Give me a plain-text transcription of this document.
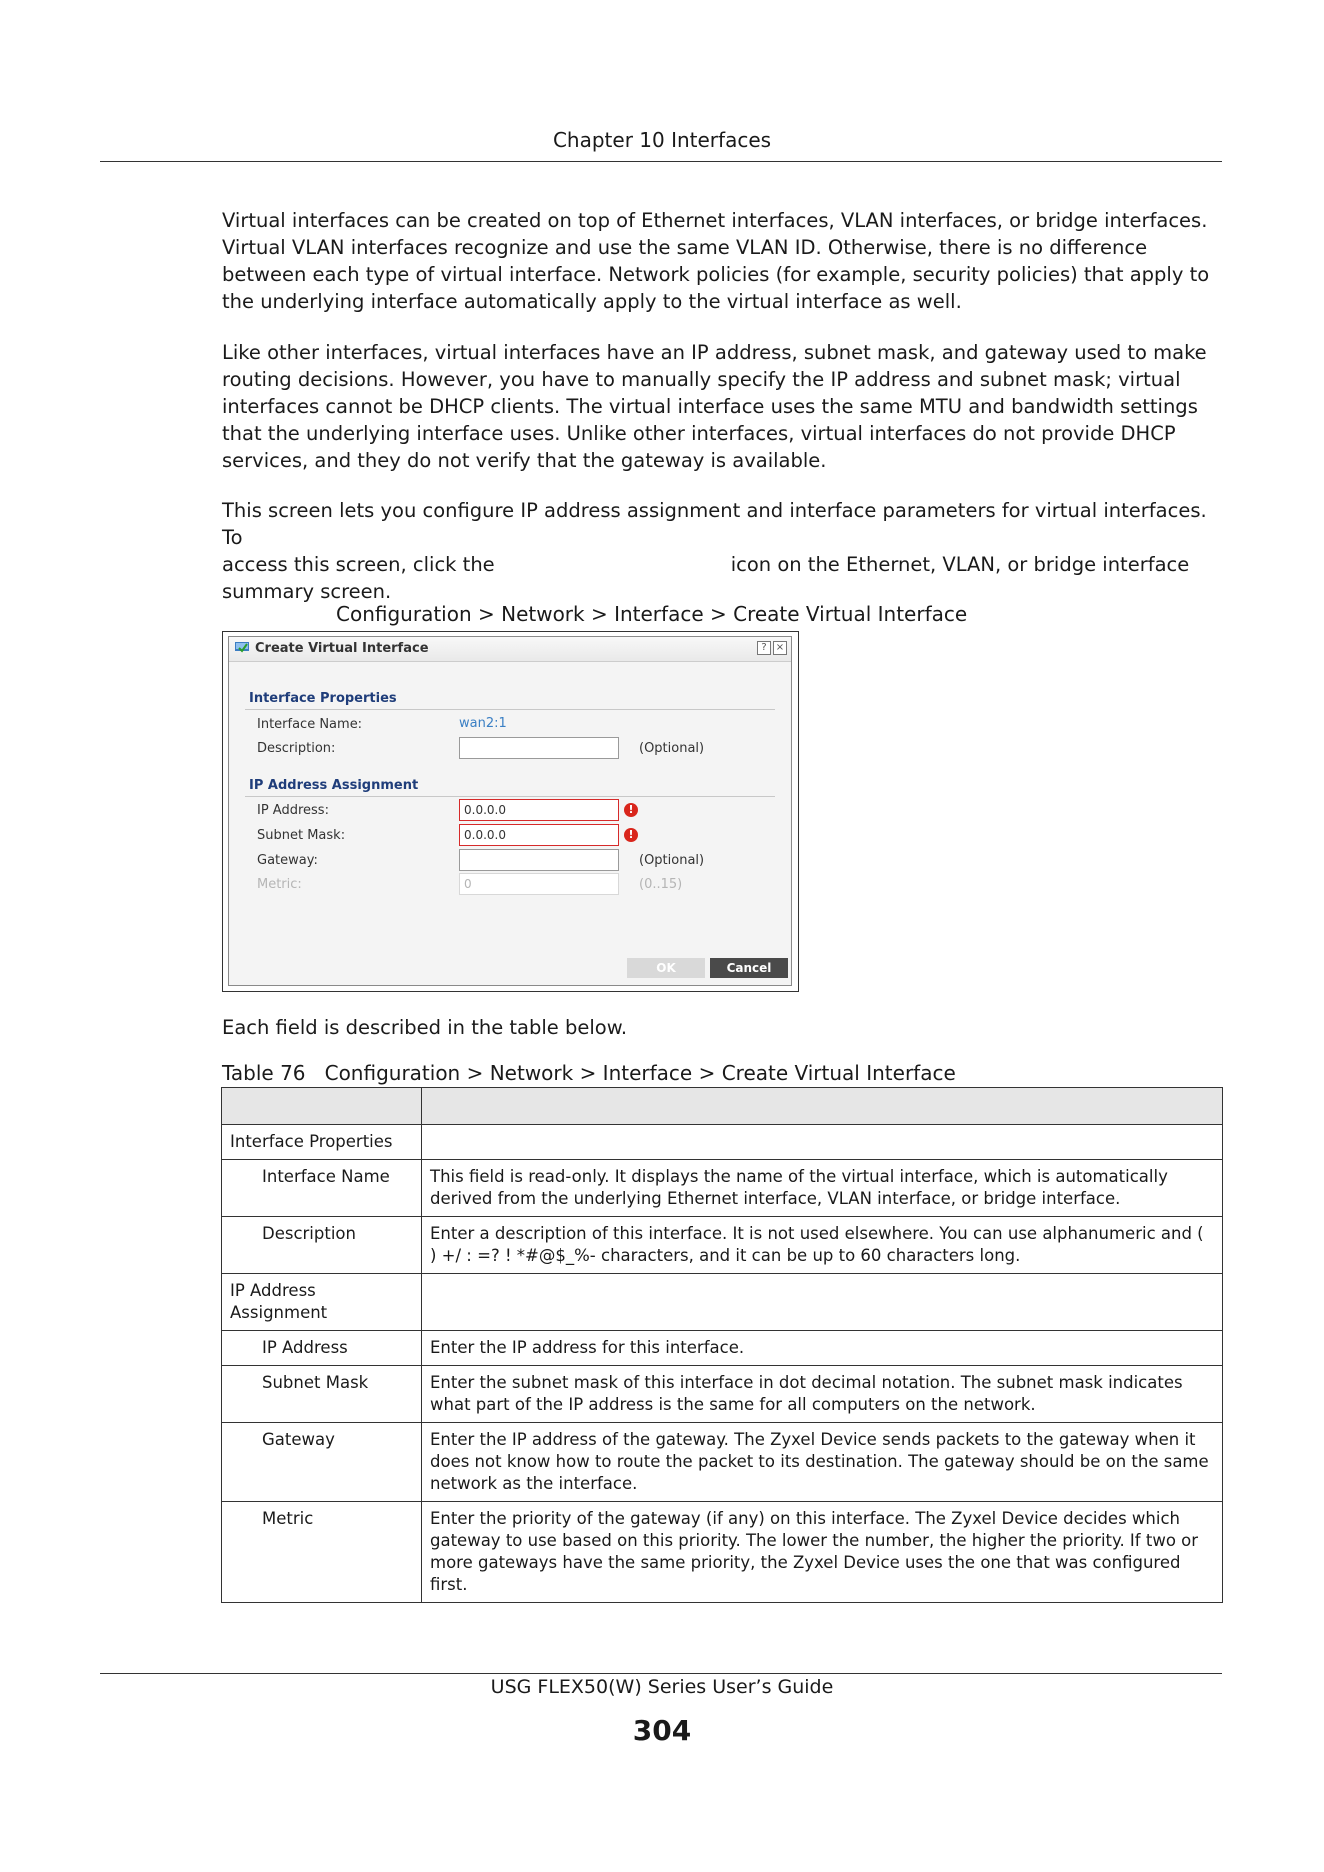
Chapter 10 Interfaces

Virtual interfaces can be created on top of Ethernet interfaces, VLAN interfaces, or bridge interfaces. Virtual VLAN interfaces recognize and use the same VLAN ID. Otherwise, there is no difference between each type of virtual interface. Network policies (for example, security policies) that apply to the underlying interface automatically apply to the virtual interface as well.

Like other interfaces, virtual interfaces have an IP address, subnet mask, and gateway used to make routing decisions. However, you have to manually specify the IP address and subnet mask; virtual interfaces cannot be DHCP clients. The virtual interface uses the same MTU and bandwidth settings that the underlying interface uses. Unlike other interfaces, virtual interfaces do not provide DHCP services, and they do not verify that the gateway is available.

This screen lets you configure IP address assignment and interface parameters for virtual interfaces. To

access this screen, click the	icon on the Ethernet, VLAN, or bridge interface

summary screen.

Configuration > Network > Interface > Create Virtual Interface
Create Virtual Interface	? ×
Interface Properties
Interface Name:	wan2:1
Description:	(Optional)
IP Address Assignment
IP Address:	0.0.0.0	!
Subnet Mask:	0.0.0.0	!
Gateway:	(Optional)
Metric:	0	(0..15)
OK	Cancel
Each field is described in the table below.
Table 76   Configuration > Network > Interface > Create Virtual Interface

Interface Properties	
Interface Name	This field is read-only. It displays the name of the virtual interface, which is automatically derived from the underlying Ethernet interface, VLAN interface, or bridge interface.
Description	Enter a description of this interface. It is not used elsewhere. You can use alphanumeric and ( ) +/ : =? ! *#@$_%- characters, and it can be up to 60 characters long.
IP Address Assignment	
IP Address	Enter the IP address for this interface.
Subnet Mask	Enter the subnet mask of this interface in dot decimal notation. The subnet mask indicates what part of the IP address is the same for all computers on the network.
Gateway	Enter the IP address of the gateway. The Zyxel Device sends packets to the gateway when it does not know how to route the packet to its destination. The gateway should be on the same network as the interface.
Metric	Enter the priority of the gateway (if any) on this interface. The Zyxel Device decides which gateway to use based on this priority. The lower the number, the higher the priority. If two or more gateways have the same priority, the Zyxel Device uses the one that was configured first.
USG FLEX50(W) Series User’s Guide
304
